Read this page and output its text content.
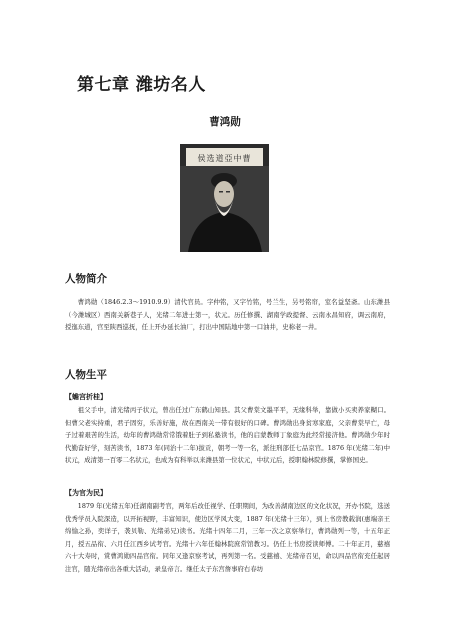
第七章 潍坊名人
曹鸿勋
侯选道亞中曹
人物简介
曹鸿勋（1846.2.3～1910.9.9）清代官员。字仲铭，又字竹铭，号兰生，另号铭帘，室名益坚斋。山东潍县（今潍城区）西南关新巷子人，光绪二年进士第一，状元。历任修撰、湖南学政提督、云南永昌知府，调云南府，授迤东道，官至陕西巡抚，任上开办延长油厂，打出中国陆地中第一口油井，史称老一井。
人物生平
【蟾宫折桂】
祖父手中，清光绪丙子状元，曾出任过广东鹤山知县。其父曹棠文墨平平，无缘科举，靠做小买卖养家糊口。但曹父老实持重，君子固穷，乐善好施，故在西南关一带有很好的口碑。曹鸿勋出身贫寒家庭，父亲曹棠早亡，母子过着艰苦的生活，幼年的曹鸿勋常常饿着肚子到私塾读书，他的启蒙教师丁象庭为此经常接济他。曹鸿勋少年时代勤奋好学，刻苦读书，1873 年(同治十二年)拔贡，朝考一等一名，派往刑部任七品京官。1876 年(光绪二年)中状元，成清第一百零二名状元，也成为有科举以来潍县第一位状元，中状元后，授职翰林院修撰，掌修国史。
【为官为民】
1879 年(光绪五年)任湖南副考官，两年后改任视学、任职期间，为改善湖南边区的文化状况，开办书院，选送优秀学员入院深造，以开拓视野，丰富知识，使边区学风大变，1887 年(光绪十三年），到上书房教载润(惠端亲王绵愉之孙，奕详子，袭贝勒、光绪弟兄)读书。光绪十四年二月，三年一次之京察举行，曹鸿勋列一等，十五年正月，授五品衔、六月任江西乡试考官。光绪十六年任翰林院庶常馆教习。仍任上书房授读师傅。二十年正月，慈禧六十大寿时，赏曹鸿勋四品官衔。同年又逢京察考试，再列第一名。受慈禧、光绪帝召见，命以四品官衔充任起居注官，随光绪帝出各重大活动，录皇帝言。继任太子东宫詹事府右春坊
